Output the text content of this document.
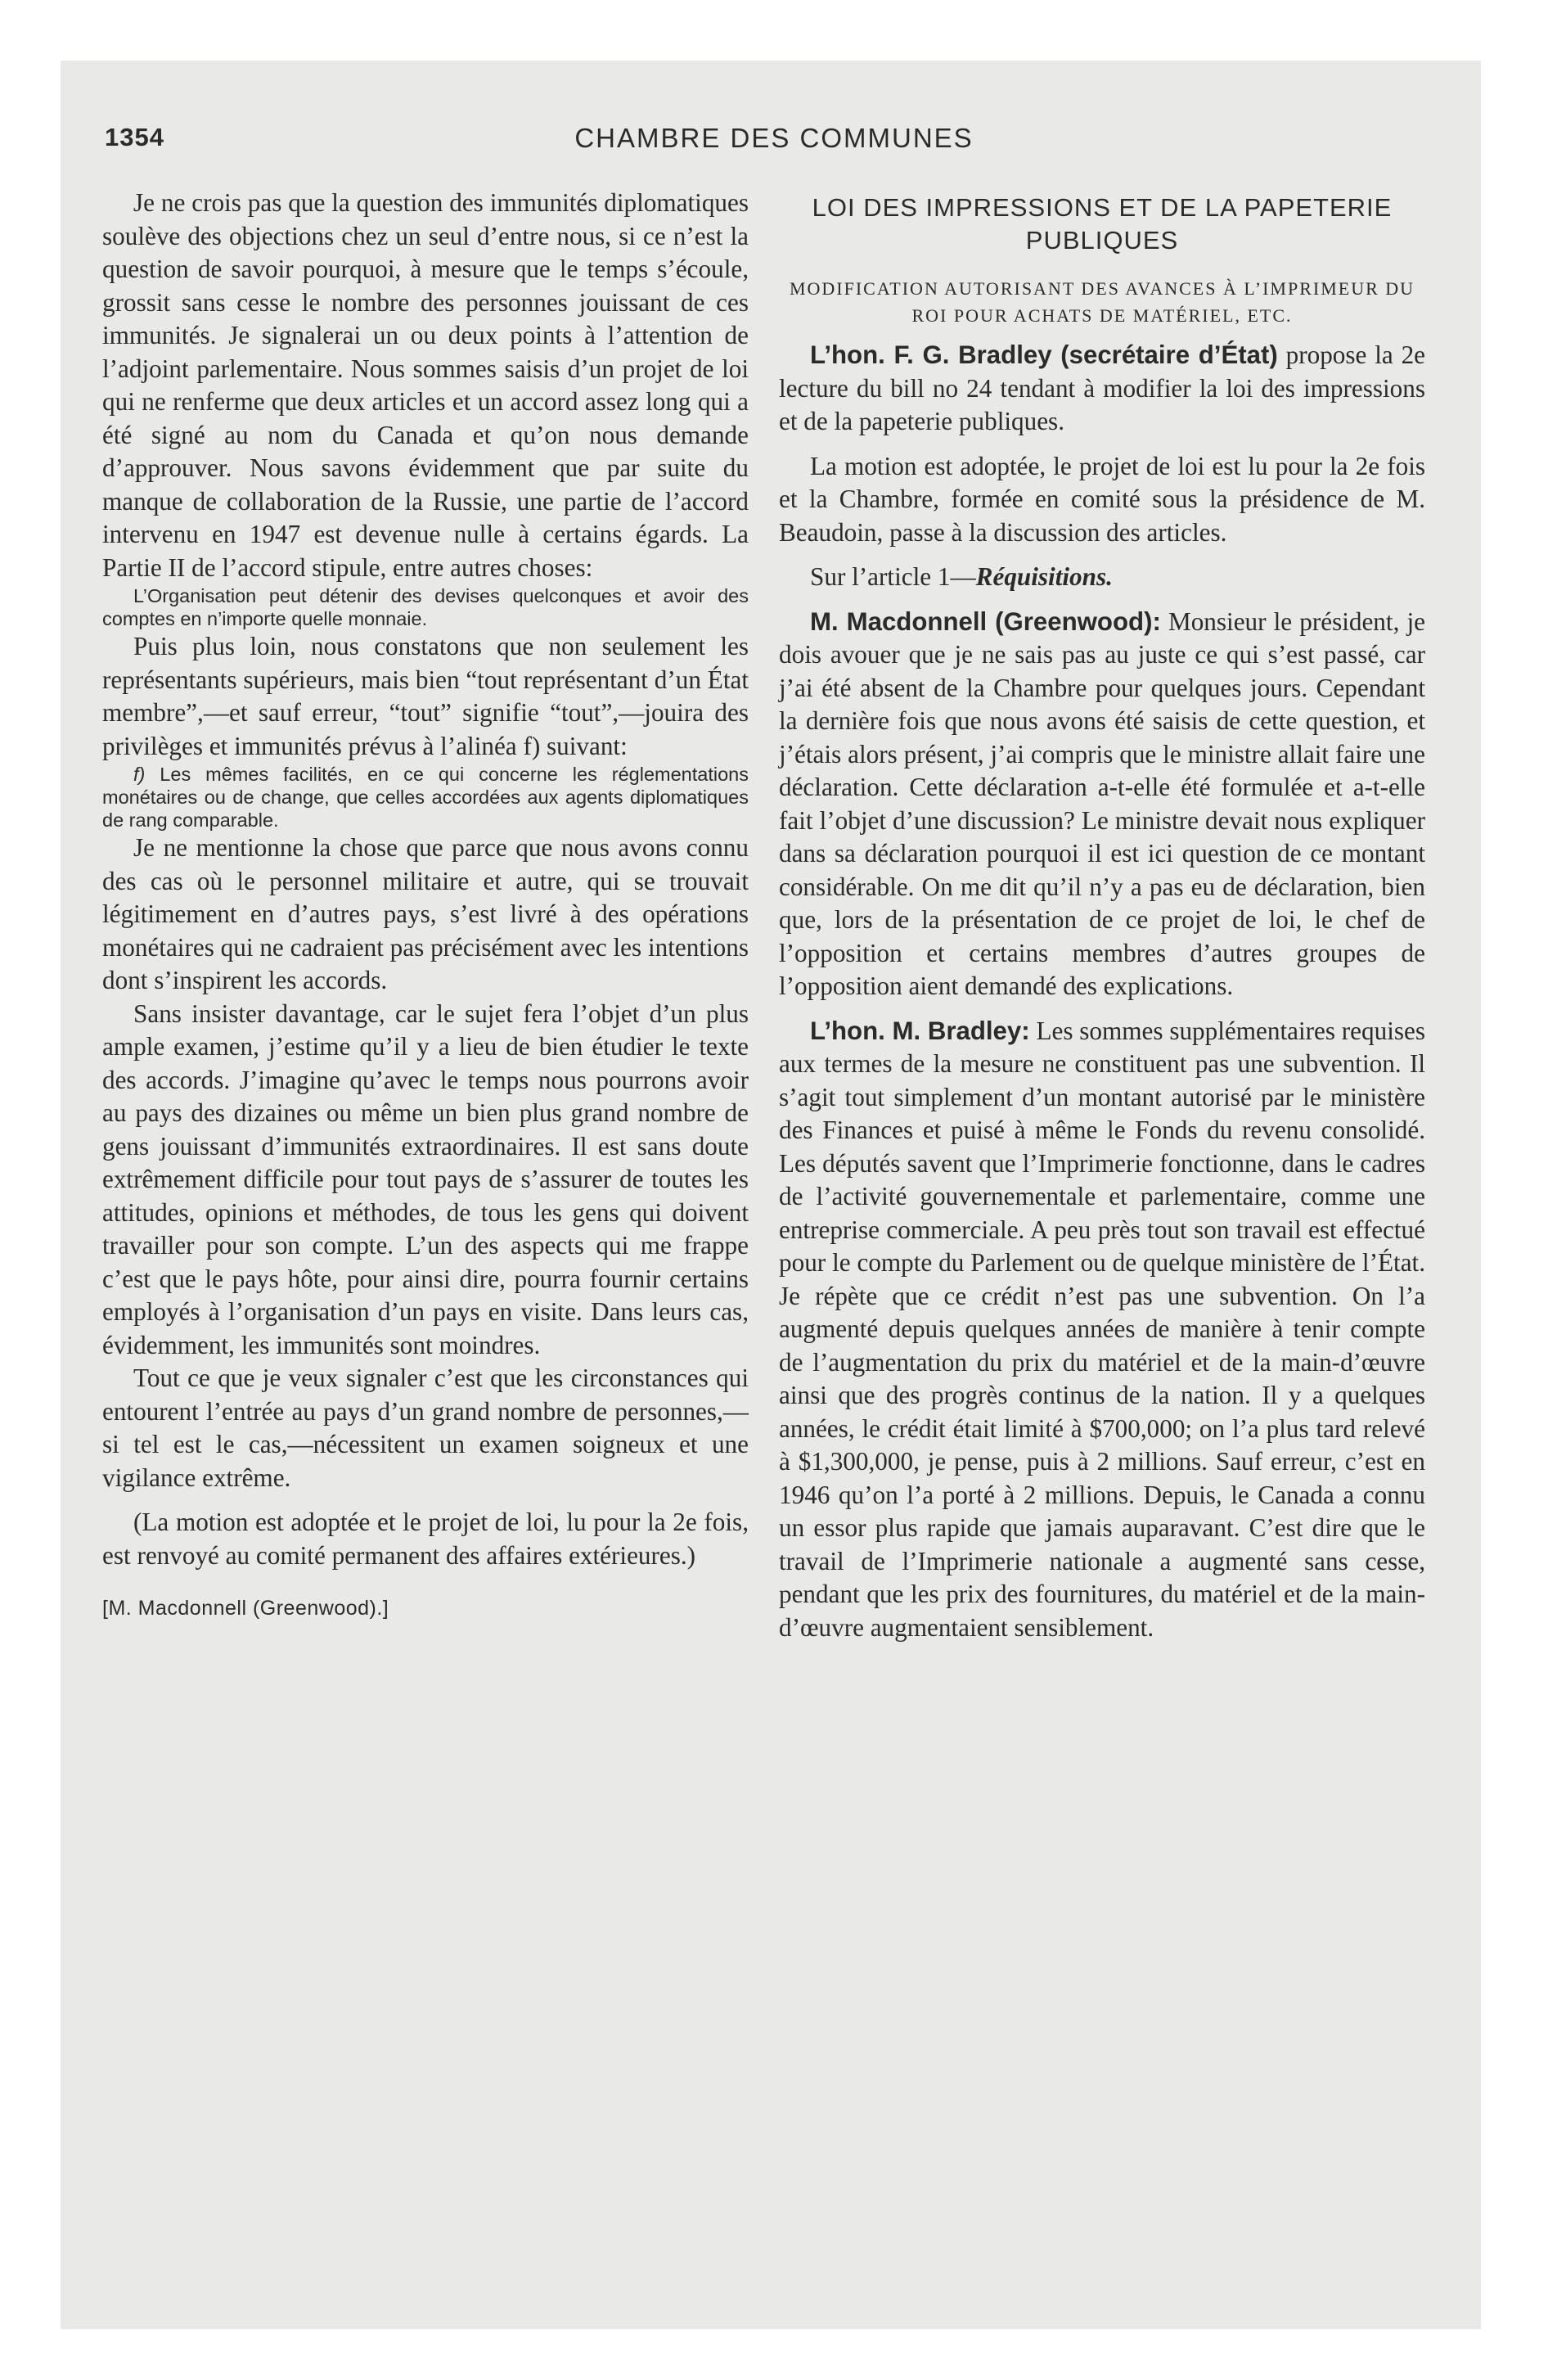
1354	CHAMBRE DES COMMUNES

Je ne crois pas que la question des immunités diplomatiques soulève des objections chez un seul d’entre nous, si ce n’est la question de savoir pourquoi, à mesure que le temps s’écoule, grossit sans cesse le nombre des personnes jouissant de ces immunités. Je signalerai un ou deux points à l’attention de l’adjoint parlementaire. Nous sommes saisis d’un projet de loi qui ne renferme que deux articles et un accord assez long qui a été signé au nom du Canada et qu’on nous demande d’approuver. Nous savons évidemment que par suite du manque de collaboration de la Russie, une partie de l’accord intervenu en 1947 est devenue nulle à certains égards. La Partie II de l’accord stipule, entre autres choses:

L’Organisation peut détenir des devises quelconques et avoir des comptes en n’importe quelle monnaie.

Puis plus loin, nous constatons que non seulement les représentants supérieurs, mais bien “tout représentant d’un État membre”,—et sauf erreur, “tout” signifie “tout”,—jouira des privilèges et immunités prévus à l’alinéa f) suivant:

f) Les mêmes facilités, en ce qui concerne les réglementations monétaires ou de change, que celles accordées aux agents diplomatiques de rang comparable.

Je ne mentionne la chose que parce que nous avons connu des cas où le personnel militaire et autre, qui se trouvait légitimement en d’autres pays, s’est livré à des opérations monétaires qui ne cadraient pas précisément avec les intentions dont s’inspirent les accords.

Sans insister davantage, car le sujet fera l’objet d’un plus ample examen, j’estime qu’il y a lieu de bien étudier le texte des accords. J’imagine qu’avec le temps nous pourrons avoir au pays des dizaines ou même un bien plus grand nombre de gens jouissant d’immunités extraordinaires. Il est sans doute extrêmement difficile pour tout pays de s’assurer de toutes les attitudes, opinions et méthodes, de tous les gens qui doivent travailler pour son compte. L’un des aspects qui me frappe c’est que le pays hôte, pour ainsi dire, pourra fournir certains employés à l’organisation d’un pays en visite. Dans leurs cas, évidemment, les immunités sont moindres.

Tout ce que je veux signaler c’est que les circonstances qui entourent l’entrée au pays d’un grand nombre de personnes,—si tel est le cas,—nécessitent un examen soigneux et une vigilance extrême.

(La motion est adoptée et le projet de loi, lu pour la 2e fois, est renvoyé au comité permanent des affaires extérieures.)

[M. Macdonnell (Greenwood).]
LOI DES IMPRESSIONS ET DE LA PAPETERIE PUBLIQUES
MODIFICATION AUTORISANT DES AVANCES À L’IMPRIMEUR DU ROI POUR ACHATS DE MATÉRIEL, ETC.

L’hon. F. G. Bradley (secrétaire d’État) propose la 2e lecture du bill no 24 tendant à modifier la loi des impressions et de la papeterie publiques.

La motion est adoptée, le projet de loi est lu pour la 2e fois et la Chambre, formée en comité sous la présidence de M. Beaudoin, passe à la discussion des articles.

Sur l’article 1—Réquisitions.

M. Macdonnell (Greenwood): Monsieur le président, je dois avouer que je ne sais pas au juste ce qui s’est passé, car j’ai été absent de la Chambre pour quelques jours. Cependant la dernière fois que nous avons été saisis de cette question, et j’étais alors présent, j’ai compris que le ministre allait faire une déclaration. Cette déclaration a-t-elle été formulée et a-t-elle fait l’objet d’une discussion? Le ministre devait nous expliquer dans sa déclaration pourquoi il est ici question de ce montant considérable. On me dit qu’il n’y a pas eu de déclaration, bien que, lors de la présentation de ce projet de loi, le chef de l’opposition et certains membres d’autres groupes de l’opposition aient demandé des explications.

L’hon. M. Bradley: Les sommes supplémentaires requises aux termes de la mesure ne constituent pas une subvention. Il s’agit tout simplement d’un montant autorisé par le ministère des Finances et puisé à même le Fonds du revenu consolidé. Les députés savent que l’Imprimerie fonctionne, dans le cadres de l’activité gouvernementale et parlementaire, comme une entreprise commerciale. A peu près tout son travail est effectué pour le compte du Parlement ou de quelque ministère de l’État. Je répète que ce crédit n’est pas une subvention. On l’a augmenté depuis quelques années de manière à tenir compte de l’augmentation du prix du matériel et de la main-d’œuvre ainsi que des progrès continus de la nation. Il y a quelques années, le crédit était limité à $700,000; on l’a plus tard relevé à $1,300,000, je pense, puis à 2 millions. Sauf erreur, c’est en 1946 qu’on l’a porté à 2 millions. Depuis, le Canada a connu un essor plus rapide que jamais auparavant. C’est dire que le travail de l’Imprimerie nationale a augmenté sans cesse, pendant que les prix des fournitures, du matériel et de la main-d’œuvre augmentaient sensiblement.
